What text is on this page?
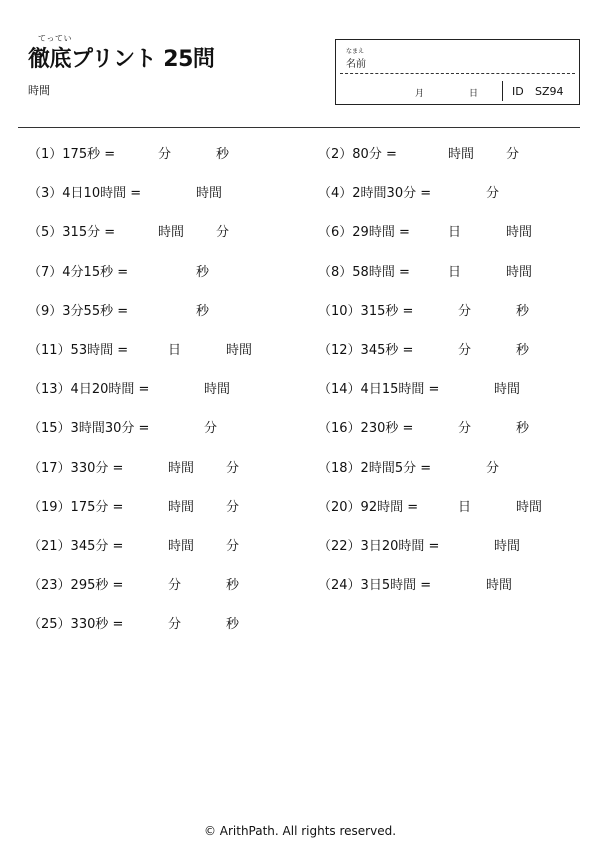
てってい
徹底プリント 25問
時間
なまえ
名前
月	日	ID SZ94
（1）175秒 =	分	秒	（2）80分 =	時間 分
（3）4日10時間 =	時間	（4）2時間30分 =	分
（5）315分 =	時間 分	（6）29時間 =	日	時間
（7）4分15秒 =	秒	（8）58時間 =	日	時間
（9）3分55秒 =	秒	（10）315秒 =	分	秒
（11）53時間 =	日	時間	（12）345秒 =	分	秒
（13）4日20時間 =	時間	（14）4日15時間 =	時間
（15）3時間30分 =	分	（16）230秒 =	分	秒
（17）330分 =	時間 分	（18）2時間5分 =	分
（19）175分 =	時間 分	（20）92時間 =	日	時間
（21）345分 =	時間 分	（22）3日20時間 =	時間
（23）295秒 =	分	秒	（24）3日5時間 =	時間
（25）330秒 =	分	秒
© ArithPath. All rights reserved.
